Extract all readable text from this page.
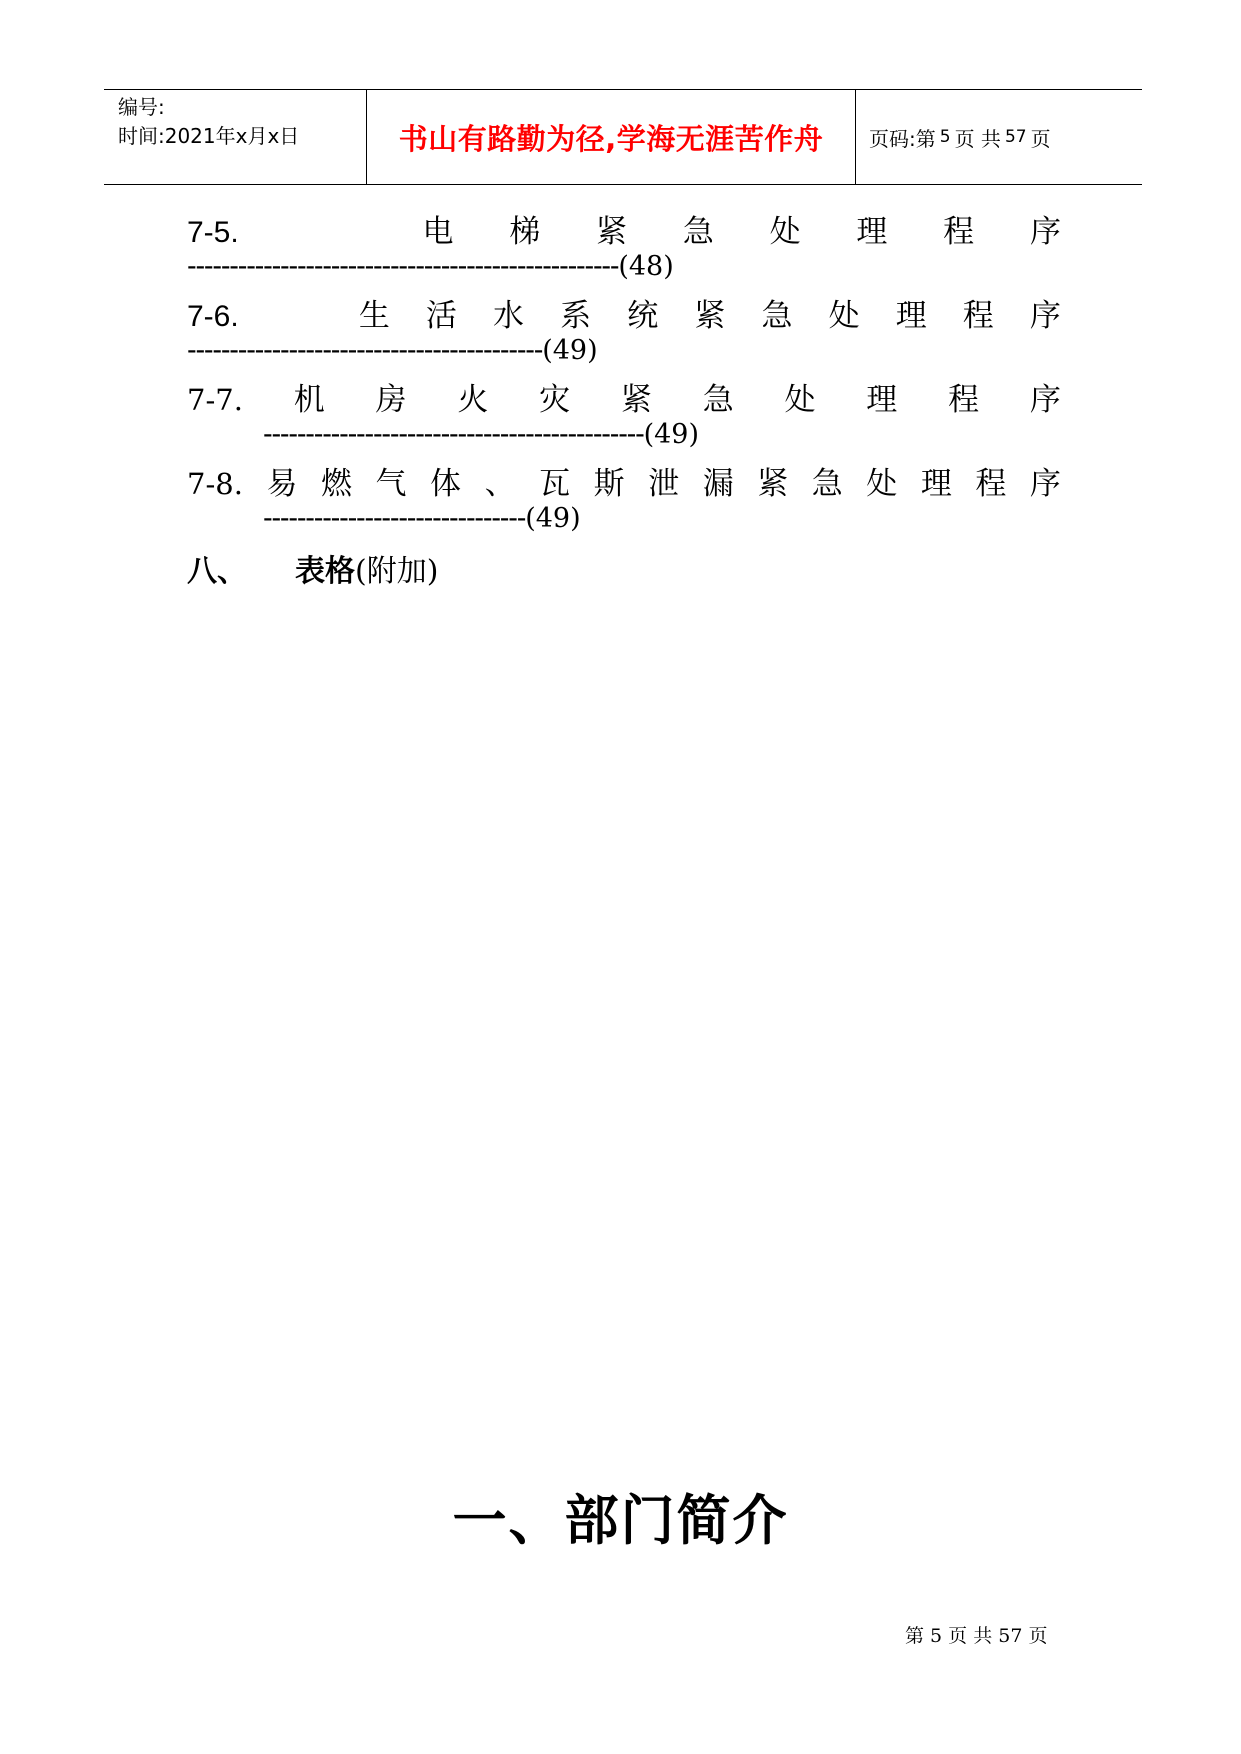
编号:
时间:2021年x月x日	书山有路勤为径,学海无涯苦作舟	页码:第 5 页 共 57 页
7-5.	电 梯 紧 急 处 理 程 序
---------------------------------------------------(48)
7-6.	生 活 水 系 统 紧 急 处 理 程 序
------------------------------------------(49)
7-7. 机 房 火 灾 紧 急 处 理 程 序
---------------------------------------------(49)
7-8. 易 燃 气 体 、 瓦 斯 泄 漏 紧 急 处 理 程 序
-------------------------------(49)
八、 表格(附加)
一、部门简介
第 5 页 共 57 页
